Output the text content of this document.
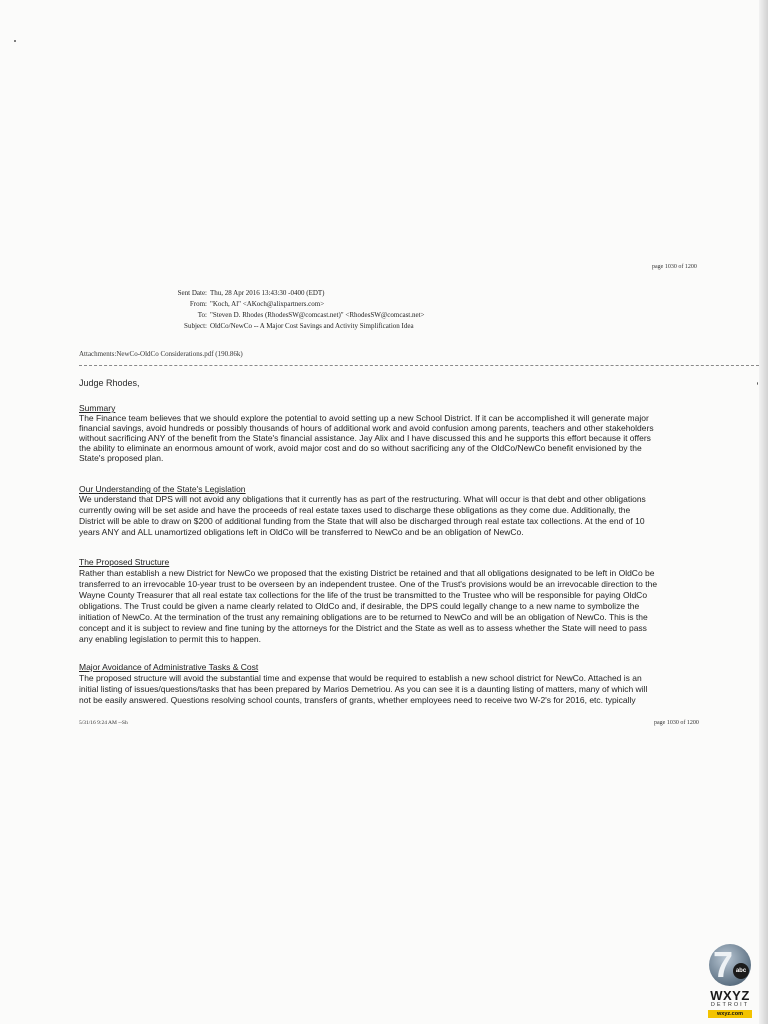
page 1030 of 1200
Sent Date: Thu, 28 Apr 2016 13:43:30 -0400 (EDT)
From: "Koch, Al" <AKoch@alixpartners.com>
To: "Steven D. Rhodes (RhodesSW@comcast.net)" <RhodesSW@comcast.net>
Subject: OldCo/NewCo -- A Major Cost Savings and Activity Simplification Idea
Attachments:NewCo-OldCo Considerations.pdf (190.86k)
Judge Rhodes,
Summary
The Finance team believes that we should explore the potential to avoid setting up a new School District. If it can be accomplished it will generate major
financial savings, avoid hundreds or possibly thousands of hours of additional work and avoid confusion among parents, teachers and other stakeholders
without sacrificing ANY of the benefit from the State's financial assistance. Jay Alix and I have discussed this and he supports this effort because it offers
the ability to eliminate an enormous amount of work, avoid major cost and do so without sacrificing any of the OldCo/NewCo benefit envisioned by the
State's proposed plan.
Our Understanding of the State's Legislation
We understand that DPS will not avoid any obligations that it currently has as part of the restructuring. What will occur is that debt and other obligations
currently owing will be set aside and have the proceeds of real estate taxes used to discharge these obligations as they come due. Additionally, the
District will be able to draw on $200 of additional funding from the State that will also be discharged through real estate tax collections. At the end of 10
years ANY and ALL unamortized obligations left in OldCo will be transferred to NewCo and be an obligation of NewCo.
The Proposed Structure
Rather than establish a new District for NewCo we proposed that the existing District be retained and that all obligations designated to be left in OldCo be
transferred to an irrevocable 10-year trust to be overseen by an independent trustee. One of the Trust's provisions would be an irrevocable direction to the
Wayne County Treasurer that all real estate tax collections for the life of the trust be transmitted to the Trustee who will be responsible for paying OldCo
obligations. The Trust could be given a name clearly related to OldCo and, if desirable, the DPS could legally change to a new name to symbolize the
initiation of NewCo. At the termination of the trust any remaining obligations are to be returned to NewCo and will be an obligation of NewCo. This is the
concept and it is subject to review and fine tuning by the attorneys for the District and the State as well as to assess whether the State will need to pass
any enabling legislation to permit this to happen.
Major Avoidance of Administrative Tasks & Cost
The proposed structure will avoid the substantial time and expense that would be required to establish a new school district for NewCo. Attached is an
initial listing of issues/questions/tasks that has been prepared by Marios Demetriou. As you can see it is a daunting listing of matters, many of which will
not be easily answered. Questions resolving school counts, transfers of grants, whether employees need to receive two W-2's for 2016, etc. typically
5/31/16 9:24 AM --Sh	page 1030 of 1200
7 abc
WXYZ
DETROIT
wxyz.com
